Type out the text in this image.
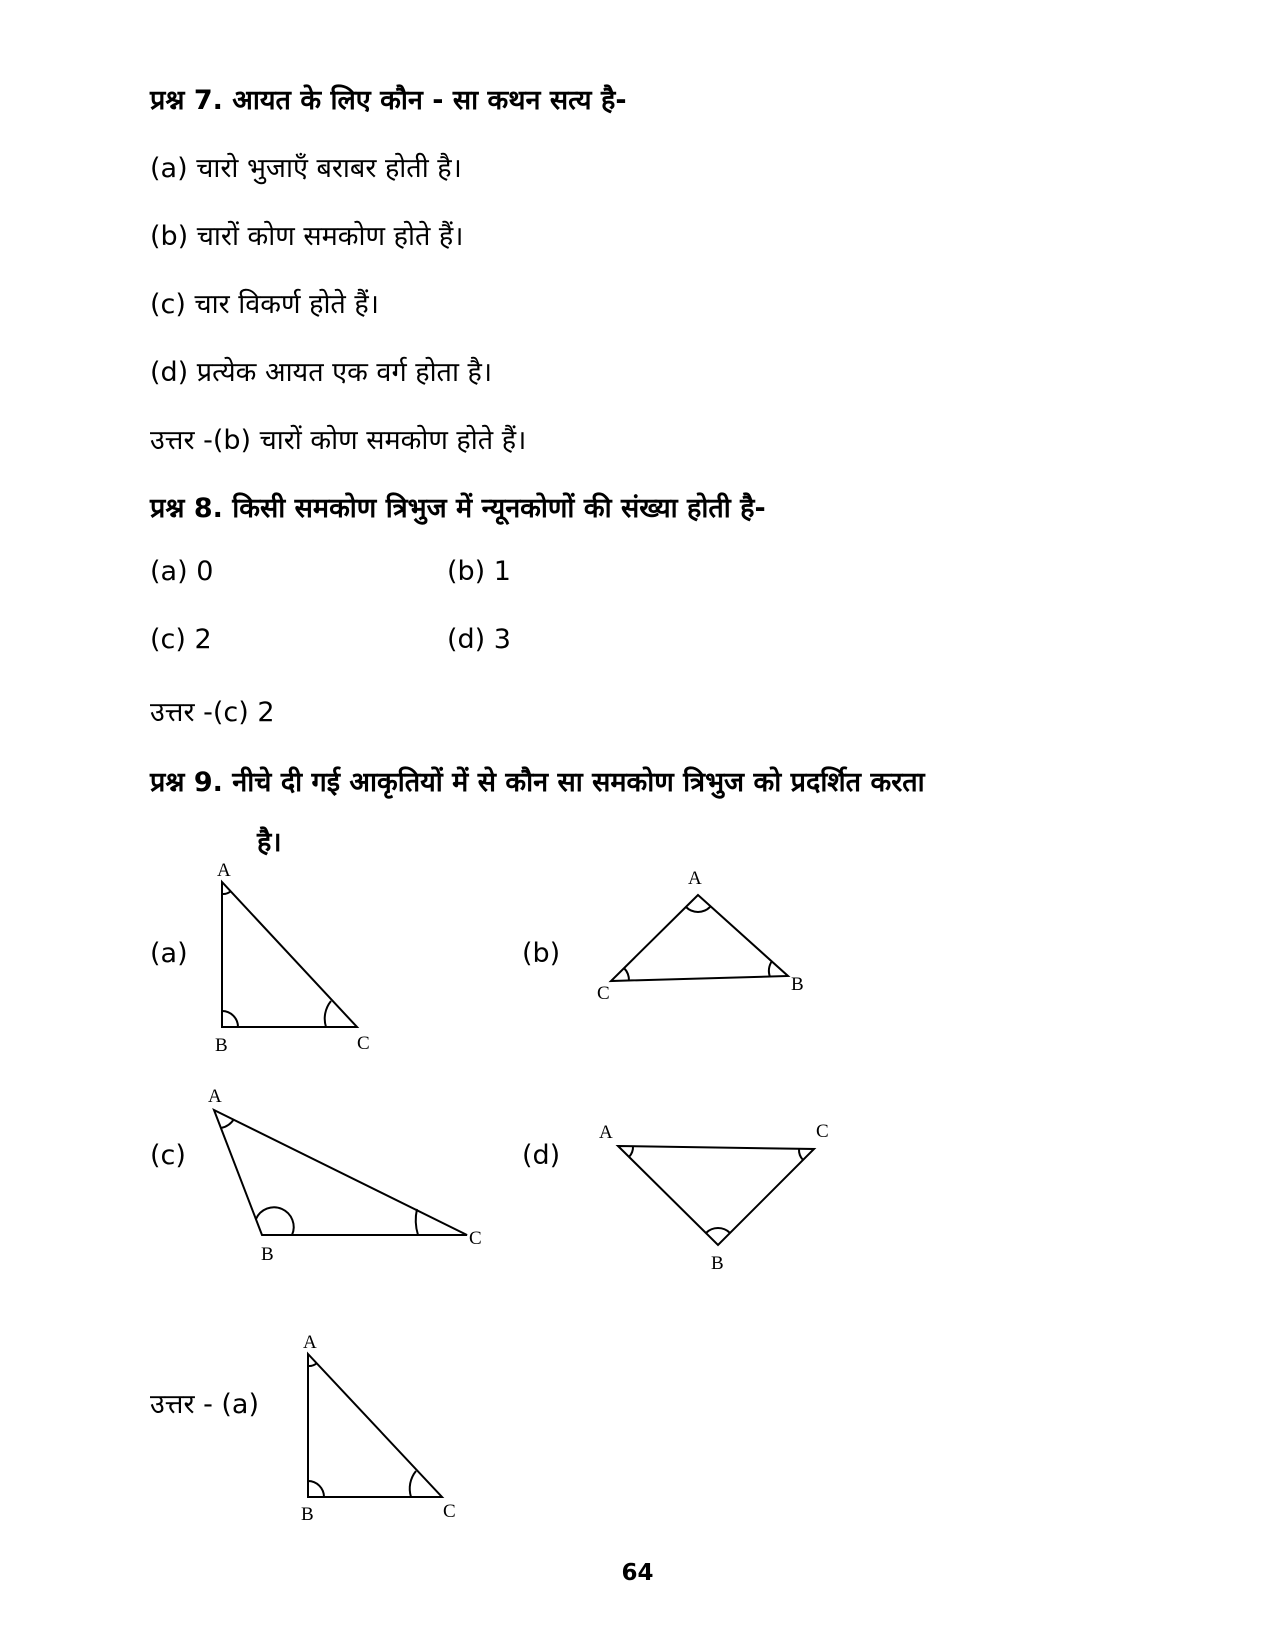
प्रश्न 7. आयत के लिए कौन - सा कथन सत्य है-
(a) चारो भुजाएँ बराबर होती है।
(b) चारों कोण समकोण होते हैं।
(c) चार विकर्ण होते हैं।
(d) प्रत्येक आयत एक वर्ग होता है।
उत्तर -(b) चारों कोण समकोण होते हैं।
प्रश्न 8. किसी समकोण त्रिभुज में न्यूनकोणों की संख्या होती है-
(a) 0	(b) 1
(c) 2	(d) 3
उत्तर -(c) 2
प्रश्न 9. नीचे दी गई आकृतियों में से कौन सा समकोण त्रिभुज को प्रदर्शित करता
है।
(a)	(b)
(c)	(d)
उत्तर - (a)
A
B	C
A
B
C
A
B
C
A
B
C
A
B	C
64
